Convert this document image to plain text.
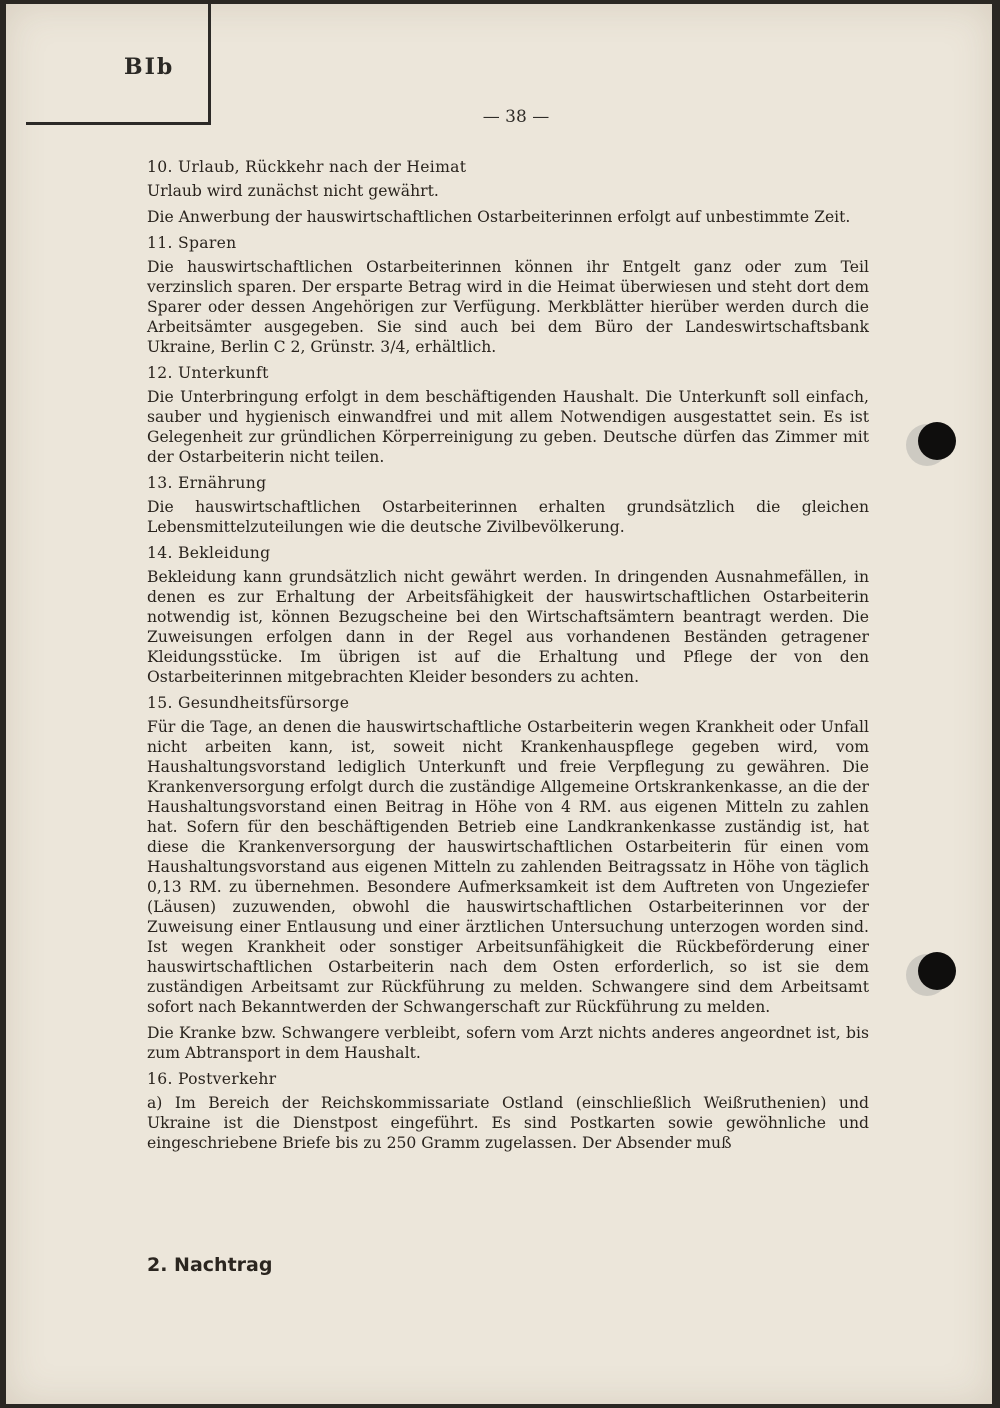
BIb
— 38 —
10. Urlaub, Rückkehr nach der Heimat
Urlaub wird zunächst nicht gewährt.
Die Anwerbung der hauswirtschaftlichen Ostarbeiterinnen erfolgt auf unbestimmte Zeit.
11. Sparen
Die hauswirtschaftlichen Ostarbeiterinnen können ihr Entgelt ganz oder zum Teil verzinslich sparen. Der ersparte Betrag wird in die Heimat überwiesen und steht dort dem Sparer oder dessen Angehörigen zur Verfügung. Merkblätter hierüber werden durch die Arbeitsämter ausgegeben. Sie sind auch bei dem Büro der Landeswirtschaftsbank Ukraine, Berlin C 2, Grünstr. 3/4, erhältlich.
12. Unterkunft
Die Unterbringung erfolgt in dem beschäftigenden Haushalt. Die Unterkunft soll einfach, sauber und hygienisch einwandfrei und mit allem Notwendigen ausgestattet sein. Es ist Gelegenheit zur gründlichen Körperreinigung zu geben. Deutsche dürfen das Zimmer mit der Ostarbeiterin nicht teilen.
13. Ernährung
Die hauswirtschaftlichen Ostarbeiterinnen erhalten grundsätzlich die gleichen Lebensmittelzuteilungen wie die deutsche Zivilbevölkerung.
14. Bekleidung
Bekleidung kann grundsätzlich nicht gewährt werden. In dringenden Ausnahmefällen, in denen es zur Erhaltung der Arbeitsfähigkeit der hauswirtschaftlichen Ostarbeiterin notwendig ist, können Bezugscheine bei den Wirtschaftsämtern beantragt werden. Die Zuweisungen erfolgen dann in der Regel aus vorhandenen Beständen getragener Kleidungsstücke. Im übrigen ist auf die Erhaltung und Pflege der von den Ostarbeiterinnen mitgebrachten Kleider besonders zu achten.
15. Gesundheitsfürsorge
Für die Tage, an denen die hauswirtschaftliche Ostarbeiterin wegen Krankheit oder Unfall nicht arbeiten kann, ist, soweit nicht Krankenhauspflege gegeben wird, vom Haushaltungsvorstand lediglich Unterkunft und freie Verpflegung zu gewähren. Die Krankenversorgung erfolgt durch die zuständige Allgemeine Ortskrankenkasse, an die der Haushaltungsvorstand einen Beitrag in Höhe von 4 RM. aus eigenen Mitteln zu zahlen hat. Sofern für den beschäftigenden Betrieb eine Landkrankenkasse zuständig ist, hat diese die Krankenversorgung der hauswirtschaftlichen Ostarbeiterin für einen vom Haushaltungsvorstand aus eigenen Mitteln zu zahlenden Beitragssatz in Höhe von täglich 0,13 RM. zu übernehmen. Besondere Aufmerksamkeit ist dem Auftreten von Ungeziefer (Läusen) zuzuwenden, obwohl die hauswirtschaftlichen Ostarbeiterinnen vor der Zuweisung einer Entlausung und einer ärztlichen Untersuchung unterzogen worden sind. Ist wegen Krankheit oder sonstiger Arbeitsunfähigkeit die Rückbeförderung einer hauswirtschaftlichen Ostarbeiterin nach dem Osten erforderlich, so ist sie dem zuständigen Arbeitsamt zur Rückführung zu melden. Schwangere sind dem Arbeitsamt sofort nach Bekanntwerden der Schwangerschaft zur Rückführung zu melden.
Die Kranke bzw. Schwangere verbleibt, sofern vom Arzt nichts anderes angeordnet ist, bis zum Abtransport in dem Haushalt.
16. Postverkehr
a) Im Bereich der Reichskommissariate Ostland (einschließlich Weißruthenien) und Ukraine ist die Dienstpost eingeführt. Es sind Postkarten sowie gewöhnliche und eingeschriebene Briefe bis zu 250 Gramm zugelassen. Der Absender muß
2. Nachtrag
